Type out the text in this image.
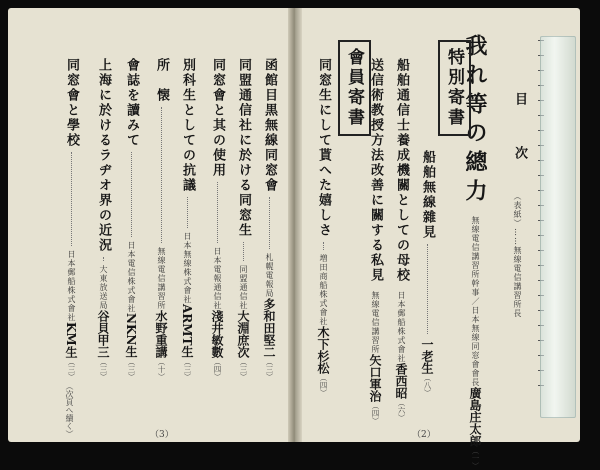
目　次
（表紙）……無線電信講習所長
我れ等の總力
無線電信講習所幹事／日本無線同窓會會長
廣島庄太郎
（一）
特別寄書
船舶無線雜見
一老生
（八）
船舶通信士養成機關としての母校
日本郵船株式會社
香西昭
（六）
送信術教授方法改善に關する私見
無線電信講習所
矢口軍治
（四）
會員寄書
同窓生にして貰へた嬉しさ
増田商船株式會社
木下杉松
（四）
函館目黒無線同窓會
札幌電報局
多和田堅二
（三）
同盟通信社に於ける同窓生
同盟通信社
大淵庶次
（三）
同窓會と其の使用
日本電報通信社
淺井敏數
（四）
別科生としての抗議
日本無線株式會社
ARMT生
（三）
所　懐
無線電信講習所
水野重講
（十）
會誌を讀みて
日本電信株式會社
NKN生
（三）
上海に於けるラヂオ界の近況
大東放送局
谷貝甲三
（三）
同窓會と學校
日本郵船株式會社
KM生
（三）
（次頁へ續く）	（2）
（3）
